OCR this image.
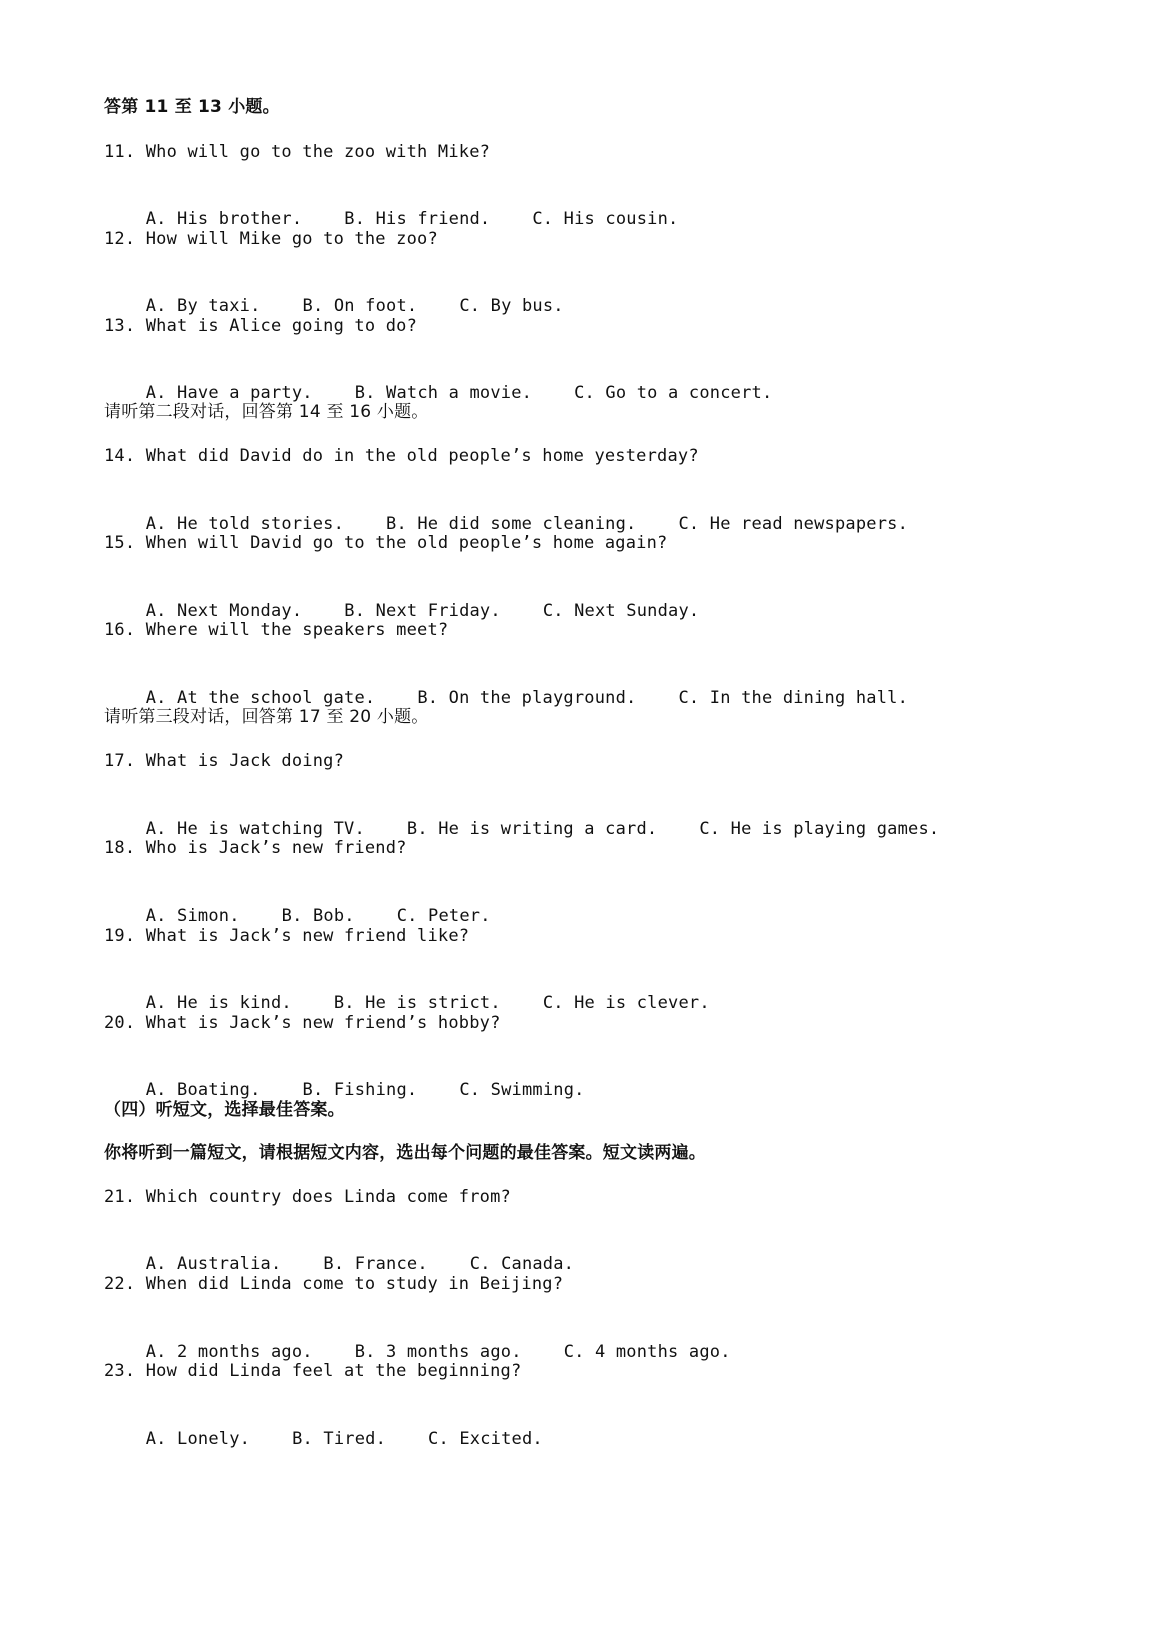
答第 11 至 13 小题。
11. Who will go to the zoo with Mike?

A. His brother. B. His friend. C. His cousin.

12. How will Mike go to the zoo?

A. By taxi. B. On foot. C. By bus.

13. What is Alice going to do?

A. Have a party. B. Watch a movie. C. Go to a concert.

请听第二段对话，回答第 14 至 16 小题。
14. What did David do in the old people’s home yesterday?

A. He told stories. B. He did some cleaning. C. He read newspapers.

15. When will David go to the old people’s home again?

A. Next Monday. B. Next Friday. C. Next Sunday.

16. Where will the speakers meet?

A. At the school gate. B. On the playground. C. In the dining hall.

请听第三段对话，回答第 17 至 20 小题。
17. What is Jack doing?

A. He is watching TV. B. He is writing a card. C. He is playing games.

18. Who is Jack’s new friend?

A. Simon. B. Bob. C. Peter.

19. What is Jack’s new friend like?

A. He is kind. B. He is strict. C. He is clever.

20. What is Jack’s new friend’s hobby?

A. Boating. B. Fishing. C. Swimming.

（四）听短文，选择最佳答案。
你将听到一篇短文，请根据短文内容，选出每个问题的最佳答案。短文读两遍。
21. Which country does Linda come from?

A. Australia. B. France. C. Canada.

22. When did Linda come to study in Beijing?

A. 2 months ago. B. 3 months ago. C. 4 months ago.

23. How did Linda feel at the beginning?

A. Lonely. B. Tired. C. Excited.
